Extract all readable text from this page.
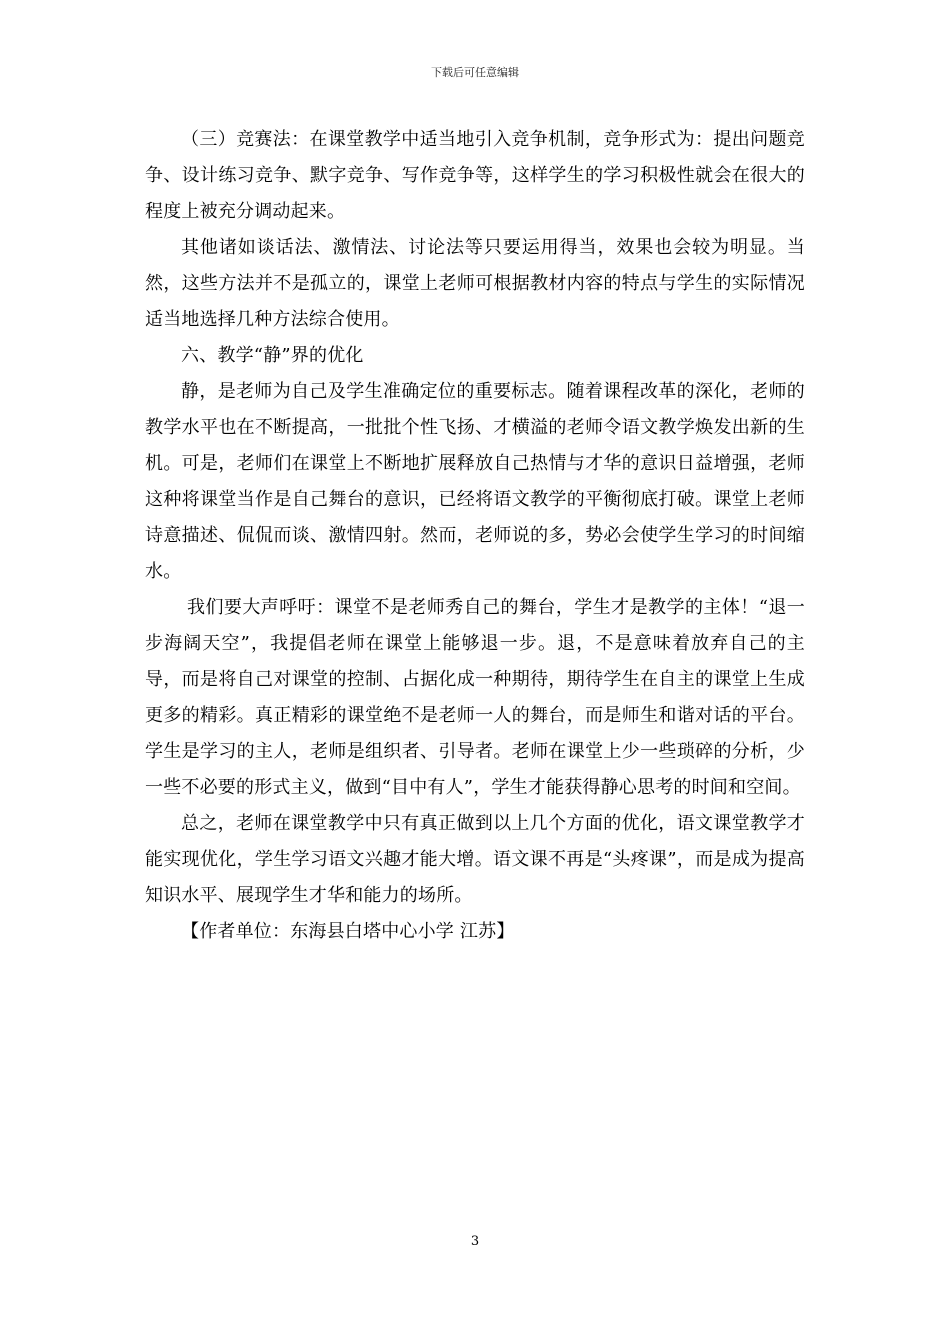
下载后可任意编辑

（三）竞赛法：在课堂教学中适当地引入竞争机制，竞争形式为：提出问题竞争、设计练习竞争、默字竞争、写作竞争等，这样学生的学习积极性就会在很大的程度上被充分调动起来。

其他诸如谈话法、激情法、讨论法等只要运用得当，效果也会较为明显。当然，这些方法并不是孤立的，课堂上老师可根据教材内容的特点与学生的实际情况适当地选择几种方法综合使用。

六、教学“静”界的优化

静，是老师为自己及学生准确定位的重要标志。随着课程改革的深化，老师的教学水平也在不断提高，一批批个性飞扬、才横溢的老师令语文教学焕发出新的生机。可是，老师们在课堂上不断地扩展释放自己热情与才华的意识日益增强，老师这种将课堂当作是自己舞台的意识，已经将语文教学的平衡彻底打破。课堂上老师诗意描述、侃侃而谈、激情四射。然而，老师说的多，势必会使学生学习的时间缩水。

我们要大声呼吁：课堂不是老师秀自己的舞台，学生才是教学的主体！“退一步海阔天空”，我提倡老师在课堂上能够退一步。退，不是意味着放弃自己的主导，而是将自己对课堂的控制、占据化成一种期待，期待学生在自主的课堂上生成更多的精彩。真正精彩的课堂绝不是老师一人的舞台，而是师生和谐对话的平台。学生是学习的主人，老师是组织者、引导者。老师在课堂上少一些琐碎的分析，少一些不必要的形式主义，做到“目中有人”，学生才能获得静心思考的时间和空间。

总之，老师在课堂教学中只有真正做到以上几个方面的优化，语文课堂教学才能实现优化，学生学习语文兴趣才能大增。语文课不再是“头疼课”，而是成为提高知识水平、展现学生才华和能力的场所。

【作者单位：东海县白塔中心小学 江苏】

3
